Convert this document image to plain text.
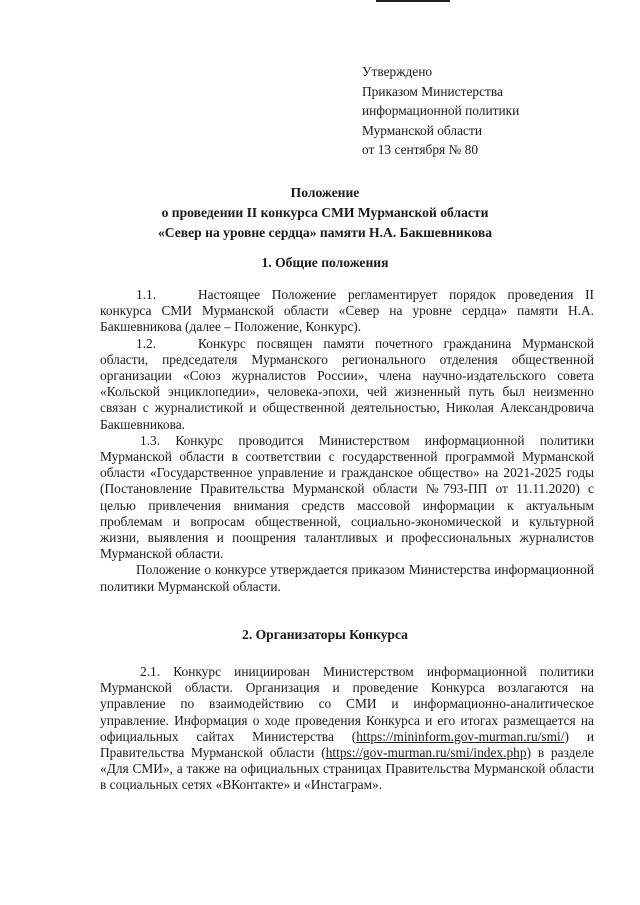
Утверждено
Приказом Министерства
информационной политики
Мурманской области
от 13 сентября № 80
Положение
о проведении II конкурса СМИ Мурманской области
«Север на уровне сердца» памяти Н.А. Бакшевникова
1. Общие положения

1.1.	Настоящее Положение регламентирует порядок проведения II конкурса СМИ Мурманской области «Север на уровне сердца» памяти Н.А. Бакшевникова (далее – Положение, Конкурс).

1.2.	Конкурс посвящен памяти почетного гражданина Мурманской области, председателя Мурманского регионального отделения общественной организации «Союз журналистов России», члена научно-издательского совета «Кольской энциклопедии», человека-эпохи, чей жизненный путь был неизменно связан с журналистикой и общественной деятельностью, Николая Александровича Бакшевникова.

1.3. Конкурс проводится Министерством информационной политики Мурманской области в соответствии с государственной программой Мурманской области «Государственное управление и гражданское общество» на 2021-2025 годы (Постановление Правительства Мурманской области №793-ПП от 11.11.2020) с целью привлечения внимания средств массовой информации к актуальным проблемам и вопросам общественной, социально-экономической и культурной жизни, выявления и поощрения талантливых и профессиональных журналистов Мурманской области.

Положение о конкурсе утверждается приказом Министерства информационной политики Мурманской области.

2. Организаторы Конкурса

2.1. Конкурс инициирован Министерством информационной политики Мурманской области. Организация и проведение Конкурса возлагаются на управление по взаимодействию со СМИ и информационно-аналитическое управление. Информация о ходе проведения Конкурса и его итогах размещается на официальных сайтах Министерства (https://mininform.gov-murman.ru/smi/) и Правительства Мурманской области (https://gov-murman.ru/smi/index.php) в разделе «Для СМИ», а также на официальных страницах Правительства Мурманской области в социальных сетях «ВКонтакте» и «Инстаграм».
